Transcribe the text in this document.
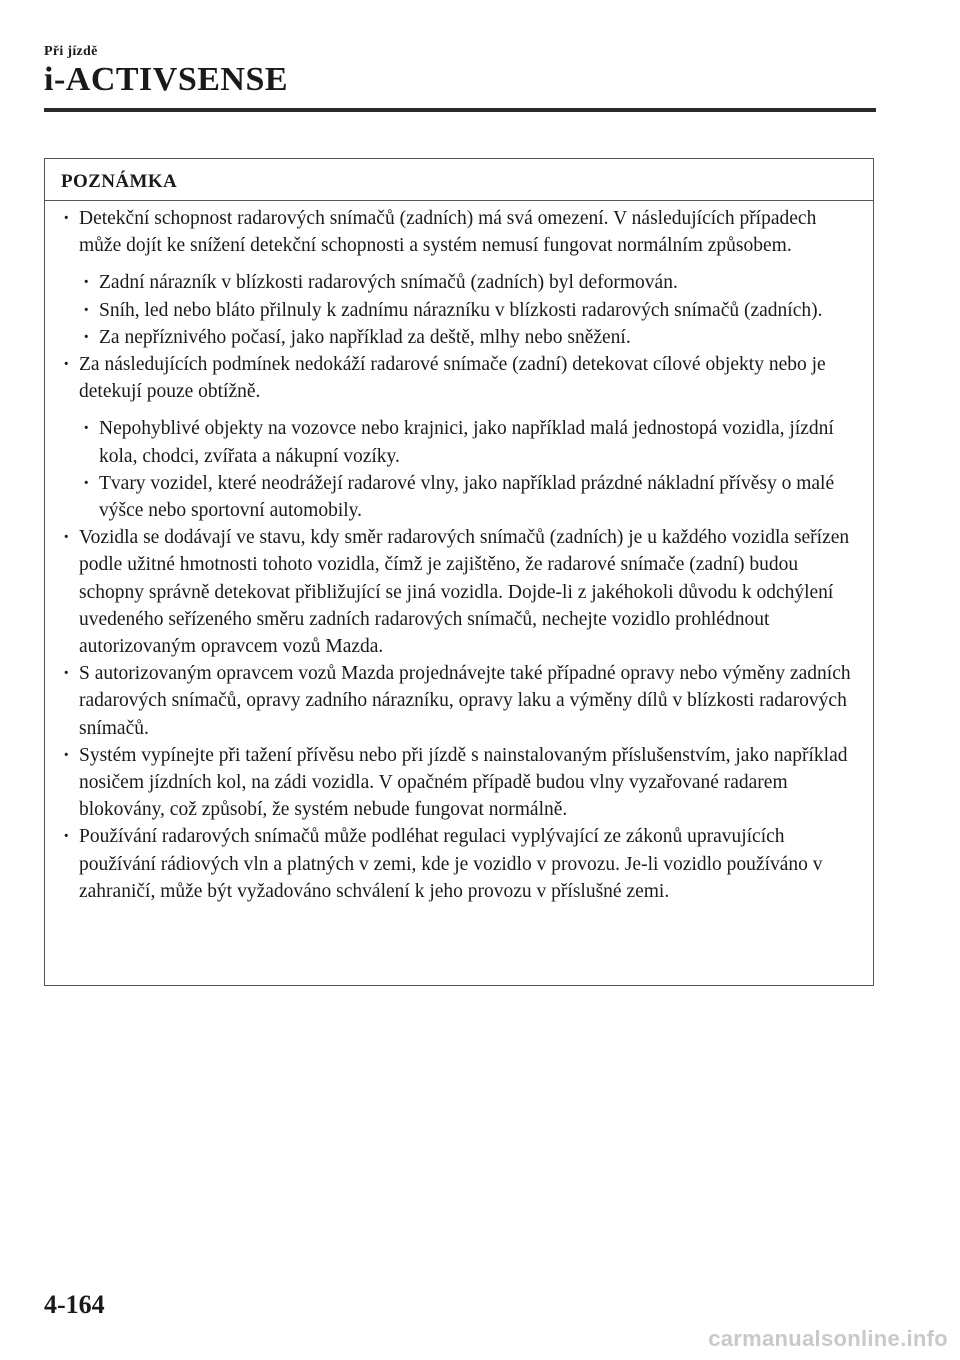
Při jízdě
i-ACTIVSENSE
POZNÁMKA
· Detekční schopnost radarových snímačů (zadních) má svá omezení. V následujících případech může dojít ke snížení detekční schopnosti a systém nemusí fungovat normálním způsobem.
· Zadní nárazník v blízkosti radarových snímačů (zadních) byl deformován.
· Sníh, led nebo bláto přilnuly k zadnímu nárazníku v blízkosti radarových snímačů (zadních).
· Za nepříznivého počasí, jako například za deště, mlhy nebo sněžení.
· Za následujících podmínek nedokáží radarové snímače (zadní) detekovat cílové objekty nebo je detekují pouze obtížně.
· Nepohyblivé objekty na vozovce nebo krajnici, jako například malá jednostopá vozidla, jízdní kola, chodci, zvířata a nákupní vozíky.
· Tvary vozidel, které neodrážejí radarové vlny, jako například prázdné nákladní přívěsy o malé výšce nebo sportovní automobily.
· Vozidla se dodávají ve stavu, kdy směr radarových snímačů (zadních) je u každého vozidla seřízen podle užitné hmotnosti tohoto vozidla, čímž je zajištěno, že radarové snímače (zadní) budou schopny správně detekovat přibližující se jiná vozidla. Dojde-li z jakéhokoli důvodu k odchýlení uvedeného seřízeného směru zadních radarových snímačů, nechejte vozidlo prohlédnout autorizovaným opravcem vozů Mazda.
· S autorizovaným opravcem vozů Mazda projednávejte také případné opravy nebo výměny zadních radarových snímačů, opravy zadního nárazníku, opravy laku a výměny dílů v blízkosti radarových snímačů.
· Systém vypínejte při tažení přívěsu nebo při jízdě s nainstalovaným příslušenstvím, jako například nosičem jízdních kol, na zádi vozidla. V opačném případě budou vlny vyzařované radarem blokovány, což způsobí, že systém nebude fungovat normálně.
· Používání radarových snímačů může podléhat regulaci vyplývající ze zákonů upravujících používání rádiových vln a platných v zemi, kde je vozidlo v provozu. Je-li vozidlo používáno v zahraničí, může být vyžadováno schválení k jeho provozu v příslušné zemi.
4-164
carmanualsonline.info
